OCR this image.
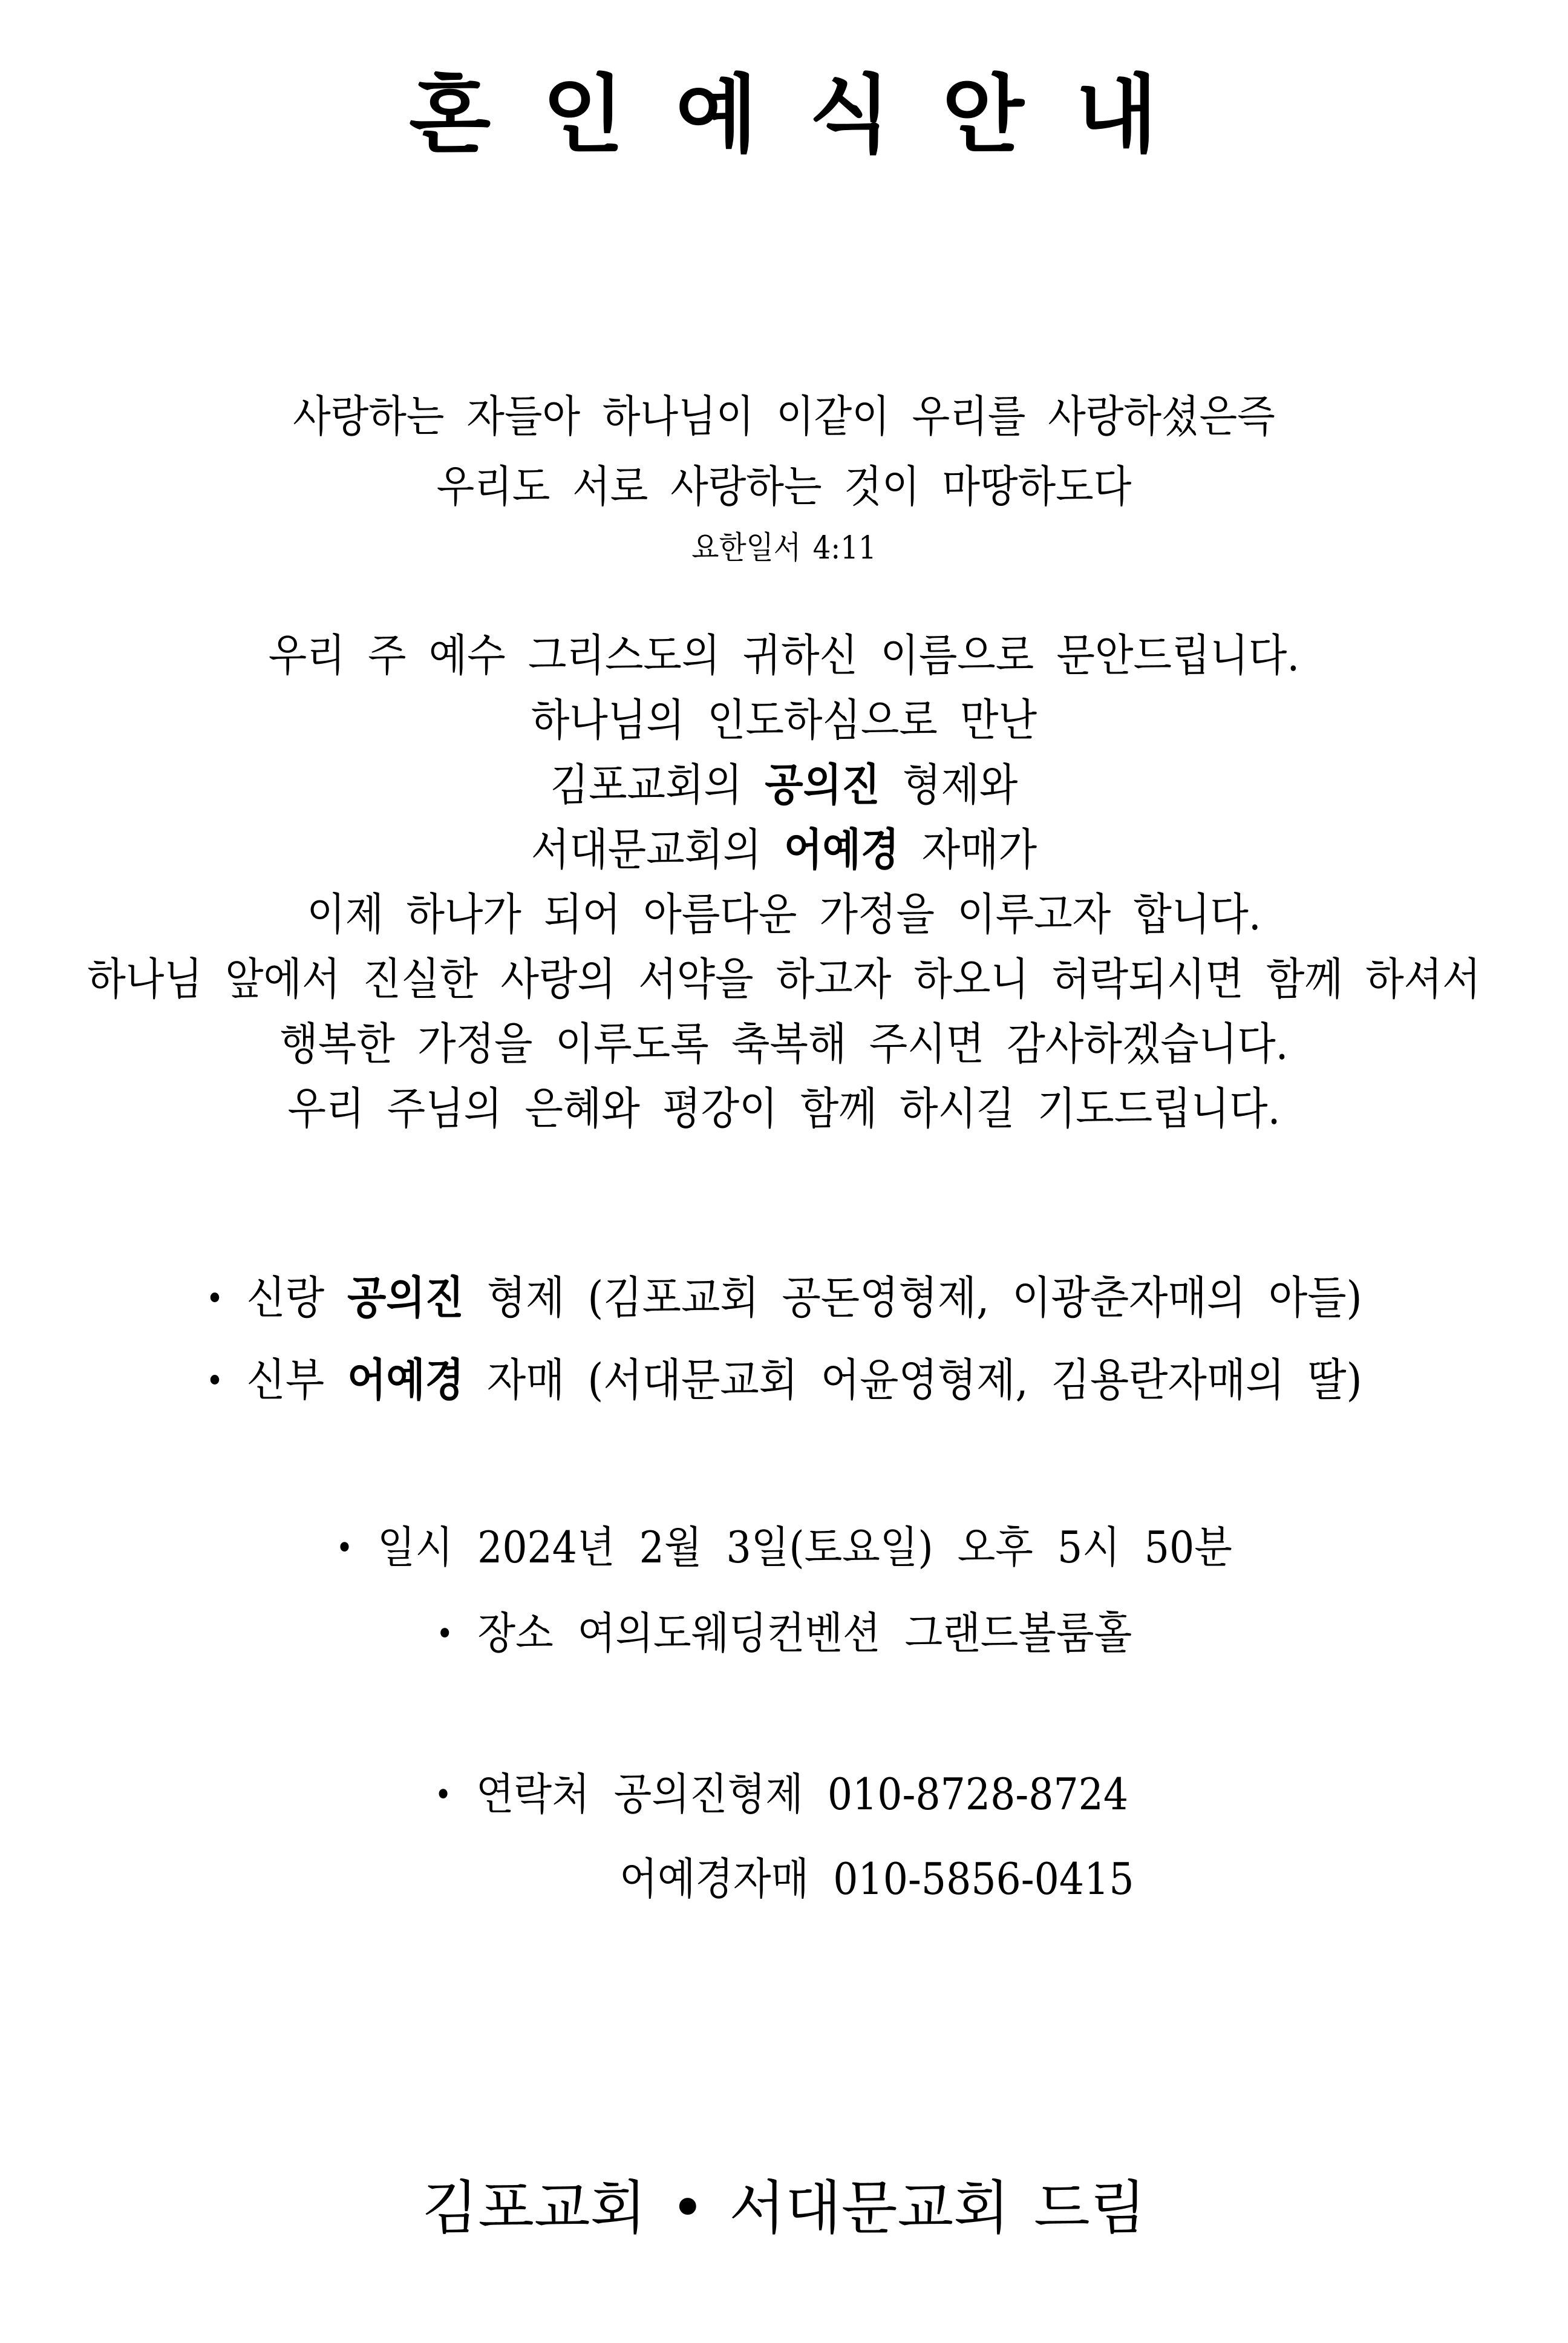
혼 인 예 식 안 내
사랑하는 자들아 하나님이 이같이 우리를 사랑하셨은즉
우리도 서로 사랑하는 것이 마땅하도다
요한일서 4:11
우리 주 예수 그리스도의 귀하신 이름으로 문안드립니다.
하나님의 인도하심으로 만난
김포교회의 공의진 형제와
서대문교회의 어예경 자매가
이제 하나가 되어 아름다운 가정을 이루고자 합니다.
하나님 앞에서 진실한 사랑의 서약을 하고자 하오니 허락되시면 함께 하셔서
행복한 가정을 이루도록 축복해 주시면 감사하겠습니다.
우리 주님의 은혜와 평강이 함께 하시길 기도드립니다.
• 신랑 공의진 형제 (김포교회 공돈영형제, 이광춘자매의 아들)
• 신부 어예경 자매 (서대문교회 어윤영형제, 김용란자매의 딸)
• 일시 2024년 2월 3일(토요일) 오후 5시 50분
• 장소 여의도웨딩컨벤션 그랜드볼룸홀
• 연락처 공의진형제 010-8728-8724
어예경자매 010-5856-0415
김포교회 • 서대문교회 드림
